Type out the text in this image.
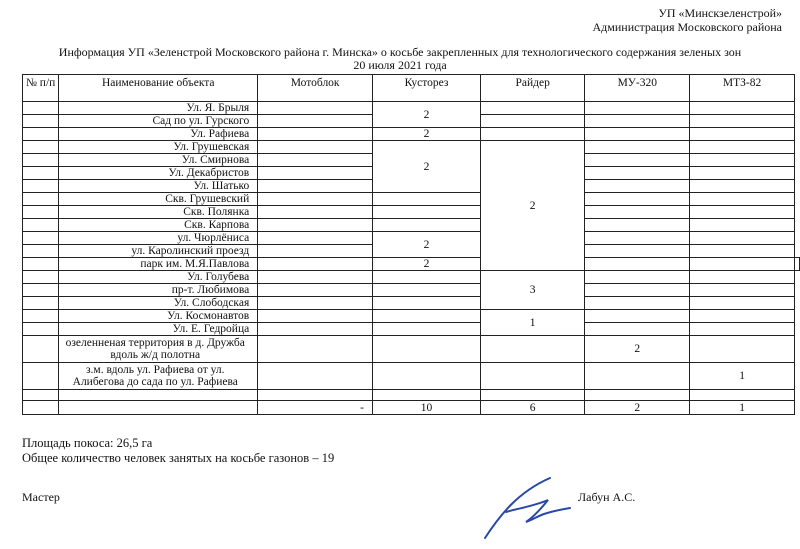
УП «Минскзеленстрой»
Администрация Московского района
Информация УП «Зеленстрой Московского района г. Минска» о косьбе закрепленных для технологического содержания зеленых зон
20 июля 2021 года
№ п/п	Наименование объекта	Мотоблок	Кусторез	Райдер	МУ-320	МТЗ-82	
	Ул. Я. Брыля		2				
	Сад по ул. Гурского						
	Ул. Рафиева		2				
	Ул. Грушевская		2	2			
	Ул. Смирнова						
	Ул. Декабристов						
	Ул. Шатько						
	Скв. Грушевский						
	Скв. Полянка						
	Скв. Карпова						
	ул. Чюрлёниса		2				
	ул. Каролинский проезд						
	парк им. М.Я.Павлова		2				
	Ул. Голубева			3			
	пр-т. Любимова						
	Ул. Слободская						
	Ул. Космонавтов			1			
	Ул. Е. Гедройца						
	озеленненая территория в д. Дружба вдоль ж/д полотна				2		
	з.м. вдоль ул. Рафиева от ул. Алибегова до сада по ул. Рафиева					1	

		-	10	6	2	1	
Площадь покоса: 26,5 га
Общее количество человек занятых на косьбе газонов – 19
Мастер	Лабун А.С.
